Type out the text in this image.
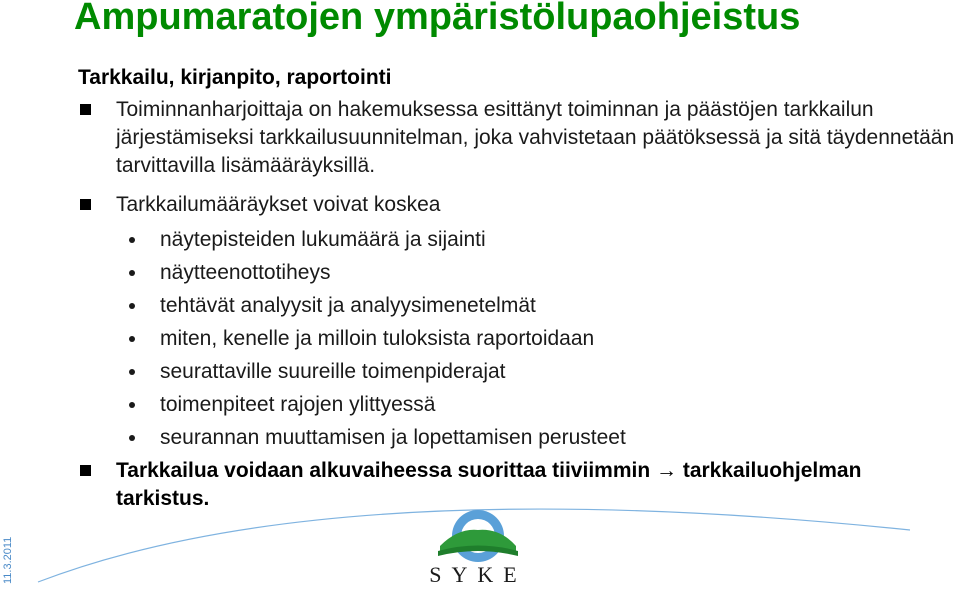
Ampumaratojen ympäristölupaohjeistus
Tarkkailu, kirjanpito, raportointi
Toiminnanharjoittaja on hakemuksessa esittänyt toiminnan ja päästöjen tarkkailun järjestämiseksi tarkkailusuunnitelman, joka vahvistetaan päätöksessä ja sitä täydennetään tarvittavilla lisämääräyksillä.
Tarkkailumääräykset voivat koskea
näytepisteiden lukumäärä ja sijainti
näytteenottotiheys
tehtävät analyysit ja analyysimenetelmät
miten, kenelle ja milloin tuloksista raportoidaan
seurattaville suureille toimenpiderajat
toimenpiteet rajojen ylittyessä
seurannan muuttamisen ja lopettamisen perusteet
Tarkkailua voidaan alkuvaiheessa suorittaa tiiviimmin → tarkkailuohjelman tarkistus.
11.3.2011	SYKE
